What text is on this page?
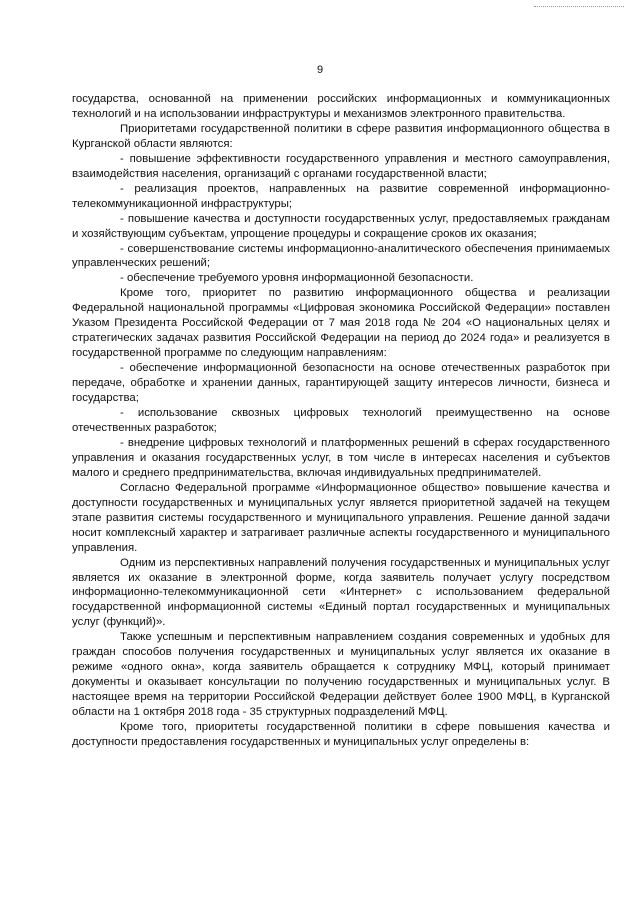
9

государства, основанной на применении российских информационных и коммуникационных технологий и на использовании инфраструктуры и механизмов электронного правительства.

Приоритетами государственной политики в сфере развития информационного общества в Курганской области являются:

- повышение эффективности государственного управления и местного самоуправления, взаимодействия населения, организаций с органами государственной власти;

- реализация проектов, направленных на развитие современной информационно-телекоммуникационной инфраструктуры;

- повышение качества и доступности государственных услуг, предоставляемых гражданам и хозяйствующим субъектам, упрощение процедуры и сокращение сроков их оказания;

- совершенствование системы информационно-аналитического обеспечения принимаемых управленческих решений;

- обеспечение требуемого уровня информационной безопасности.

Кроме того, приоритет по развитию информационного общества и реализации Федеральной национальной программы «Цифровая экономика Российской Федерации» поставлен Указом Президента Российской Федерации от 7 мая 2018 года № 204 «О национальных целях и стратегических задачах развития Российской Федерации на период до 2024 года» и реализуется в государственной программе по следующим направлениям:

- обеспечение информационной безопасности на основе отечественных разработок при передаче, обработке и хранении данных, гарантирующей защиту интересов личности, бизнеса и государства;

- использование сквозных цифровых технологий преимущественно на основе отечественных разработок;

- внедрение цифровых технологий и платформенных решений в сферах государственного управления и оказания государственных услуг, в том числе в интересах населения и субъектов малого и среднего предпринимательства, включая индивидуальных предпринимателей.

Согласно Федеральной программе «Информационное общество» повышение качества и доступности государственных и муниципальных услуг является приоритетной задачей на текущем этапе развития системы государственного и муниципального управления. Решение данной задачи носит комплексный характер и затрагивает различные аспекты государственного и муниципального управления.

Одним из перспективных направлений получения государственных и муниципальных услуг является их оказание в электронной форме, когда заявитель получает услугу посредством информационно-телекоммуникационной сети «Интернет» с использованием федеральной государственной информационной системы «Единый портал государственных и муниципальных услуг (функций)».

Также успешным и перспективным направлением создания современных и удобных для граждан способов получения государственных и муниципальных услуг является их оказание в режиме «одного окна», когда заявитель обращается к сотруднику МФЦ, который принимает документы и оказывает консультации по получению государственных и муниципальных услуг. В настоящее время на территории Российской Федерации действует более 1900 МФЦ, в Курганской области на 1 октября 2018 года - 35 структурных подразделений МФЦ.

Кроме того, приоритеты государственной политики в сфере повышения качества и доступности предоставления государственных и муниципальных услуг определены в:
